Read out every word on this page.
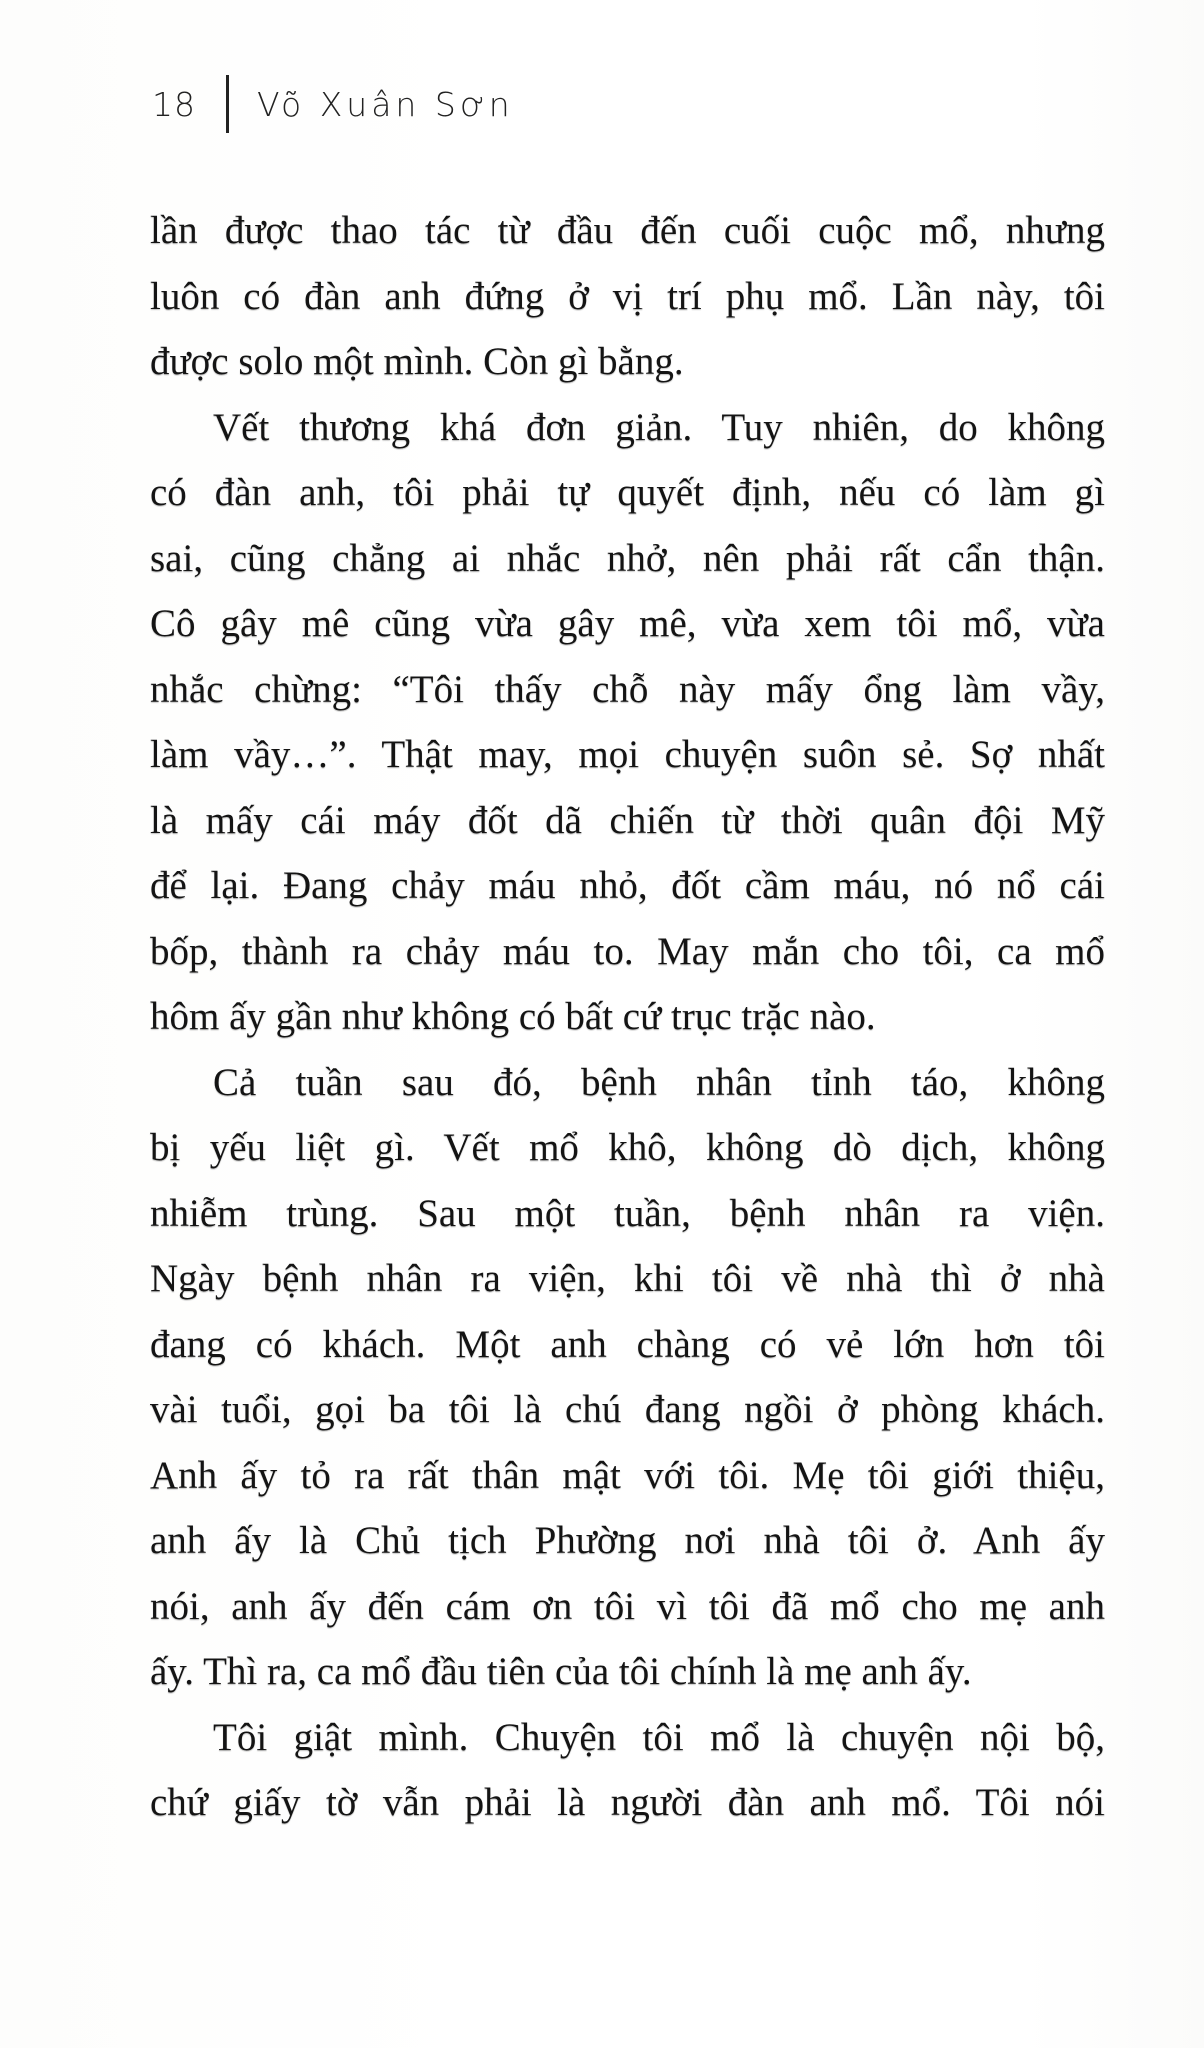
18 Võ Xuân Sơn
lần được thao tác từ đầu đến cuối cuộc mổ, nhưng
luôn có đàn anh đứng ở vị trí phụ mổ. Lần này, tôi
được solo một mình. Còn gì bằng.
Vết thương khá đơn giản. Tuy nhiên, do không
có đàn anh, tôi phải tự quyết định, nếu có làm gì
sai, cũng chẳng ai nhắc nhở, nên phải rất cẩn thận.
Cô gây mê cũng vừa gây mê, vừa xem tôi mổ, vừa
nhắc chừng: “Tôi thấy chỗ này mấy ổng làm vầy,
làm vầy…”. Thật may, mọi chuyện suôn sẻ. Sợ nhất
là mấy cái máy đốt dã chiến từ thời quân đội Mỹ
để lại. Đang chảy máu nhỏ, đốt cầm máu, nó nổ cái
bốp, thành ra chảy máu to. May mắn cho tôi, ca mổ
hôm ấy gần như không có bất cứ trục trặc nào.
Cả tuần sau đó, bệnh nhân tỉnh táo, không
bị yếu liệt gì. Vết mổ khô, không dò dịch, không
nhiễm trùng. Sau một tuần, bệnh nhân ra viện.
Ngày bệnh nhân ra viện, khi tôi về nhà thì ở nhà
đang có khách. Một anh chàng có vẻ lớn hơn tôi
vài tuổi, gọi ba tôi là chú đang ngồi ở phòng khách.
Anh ấy tỏ ra rất thân mật với tôi. Mẹ tôi giới thiệu,
anh ấy là Chủ tịch Phường nơi nhà tôi ở. Anh ấy
nói, anh ấy đến cám ơn tôi vì tôi đã mổ cho mẹ anh
ấy. Thì ra, ca mổ đầu tiên của tôi chính là mẹ anh ấy.
Tôi giật mình. Chuyện tôi mổ là chuyện nội bộ,
chứ giấy tờ vẫn phải là người đàn anh mổ. Tôi nói
